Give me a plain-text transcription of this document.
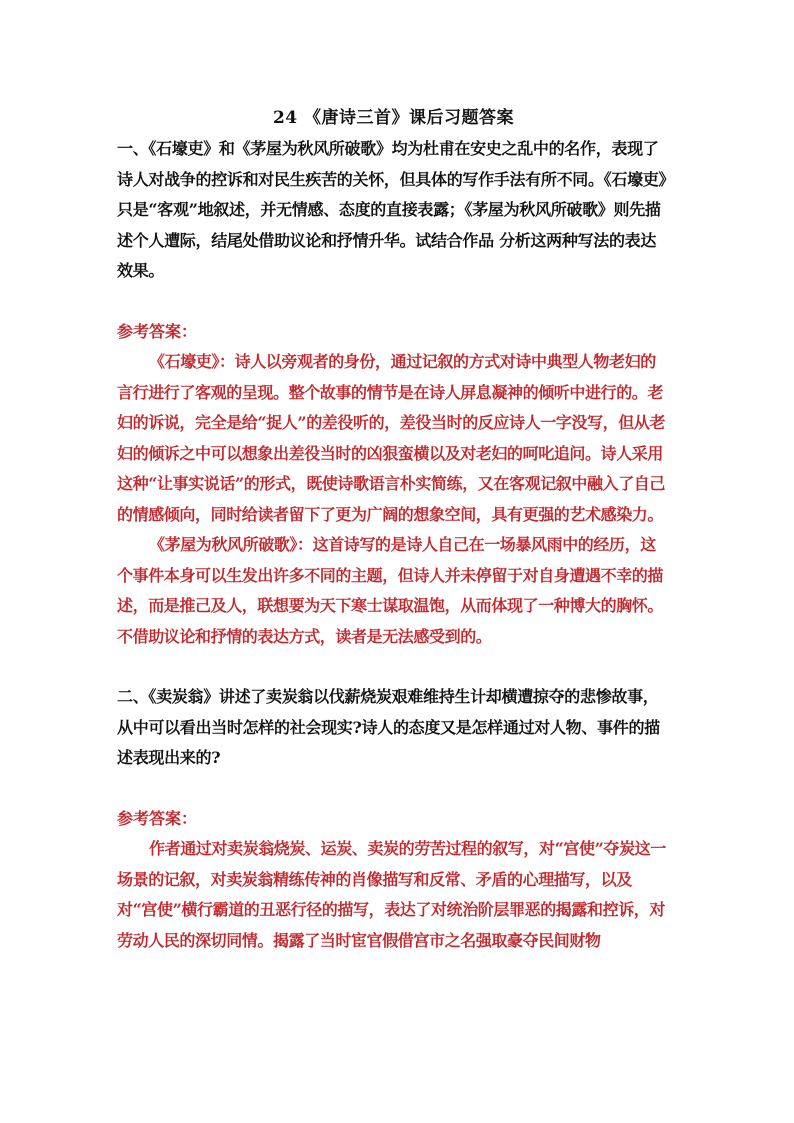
24 《唐诗三首》课后习题答案

一、《石壕吏》和《茅屋为秋风所破歌》均为杜甫在安史之乱中的名作，表现了诗人对战争的控诉和对民生疾苦的关怀，但具体的写作手法有所不同。《石壕吏》只是“客观”地叙述，并无情感、态度的直接表露；《茅屋为秋风所破歌》则先描述个人遭际，结尾处借助议论和抒情升华。试结合作品 分析这两种写法的表达效果。

参考答案：

《石壕吏》：诗人以旁观者的身份，通过记叙的方式对诗中典型人物老妇的言行进行了客观的呈现。整个故事的情节是在诗人屏息凝神的倾听中进行的。老妇的诉说，完全是给“捉人”的差役听的，差役当时的反应诗人一字没写，但从老妇的倾诉之中可以想象出差役当时的凶狠蛮横以及对老妇的呵叱追问。诗人采用这种“让事实说话”的形式，既使诗歌语言朴实简练，又在客观记叙中融入了自己的情感倾向，同时给读者留下了更为广阔的想象空间，具有更强的艺术感染力。

《茅屋为秋风所破歌》：这首诗写的是诗人自己在一场暴风雨中的经历，这个事件本身可以生发出许多不同的主题，但诗人并未停留于对自身遭遇不幸的描述，而是推己及人，联想要为天下寒士谋取温饱，从而体现了一种博大的胸怀。不借助议论和抒情的表达方式，读者是无法感受到的。

二、《卖炭翁》讲述了卖炭翁以伐薪烧炭艰难维持生计却横遭掠夺的悲惨故事，从中可以看出当时怎样的社会现实?诗人的态度又是怎样通过对人物、事件的描述表现出来的?

参考答案：

作者通过对卖炭翁烧炭、运炭、卖炭的劳苦过程的叙写，对“宫使”夺炭这一场景的记叙，对卖炭翁精练传神的肖像描写和反常、矛盾的心理描写，以及对“宫使”横行霸道的丑恶行径的描写，表达了对统治阶层罪恶的揭露和控诉，对劳动人民的深切同情。揭露了当时宦官假借宫市之名强取豪夺民间财物
